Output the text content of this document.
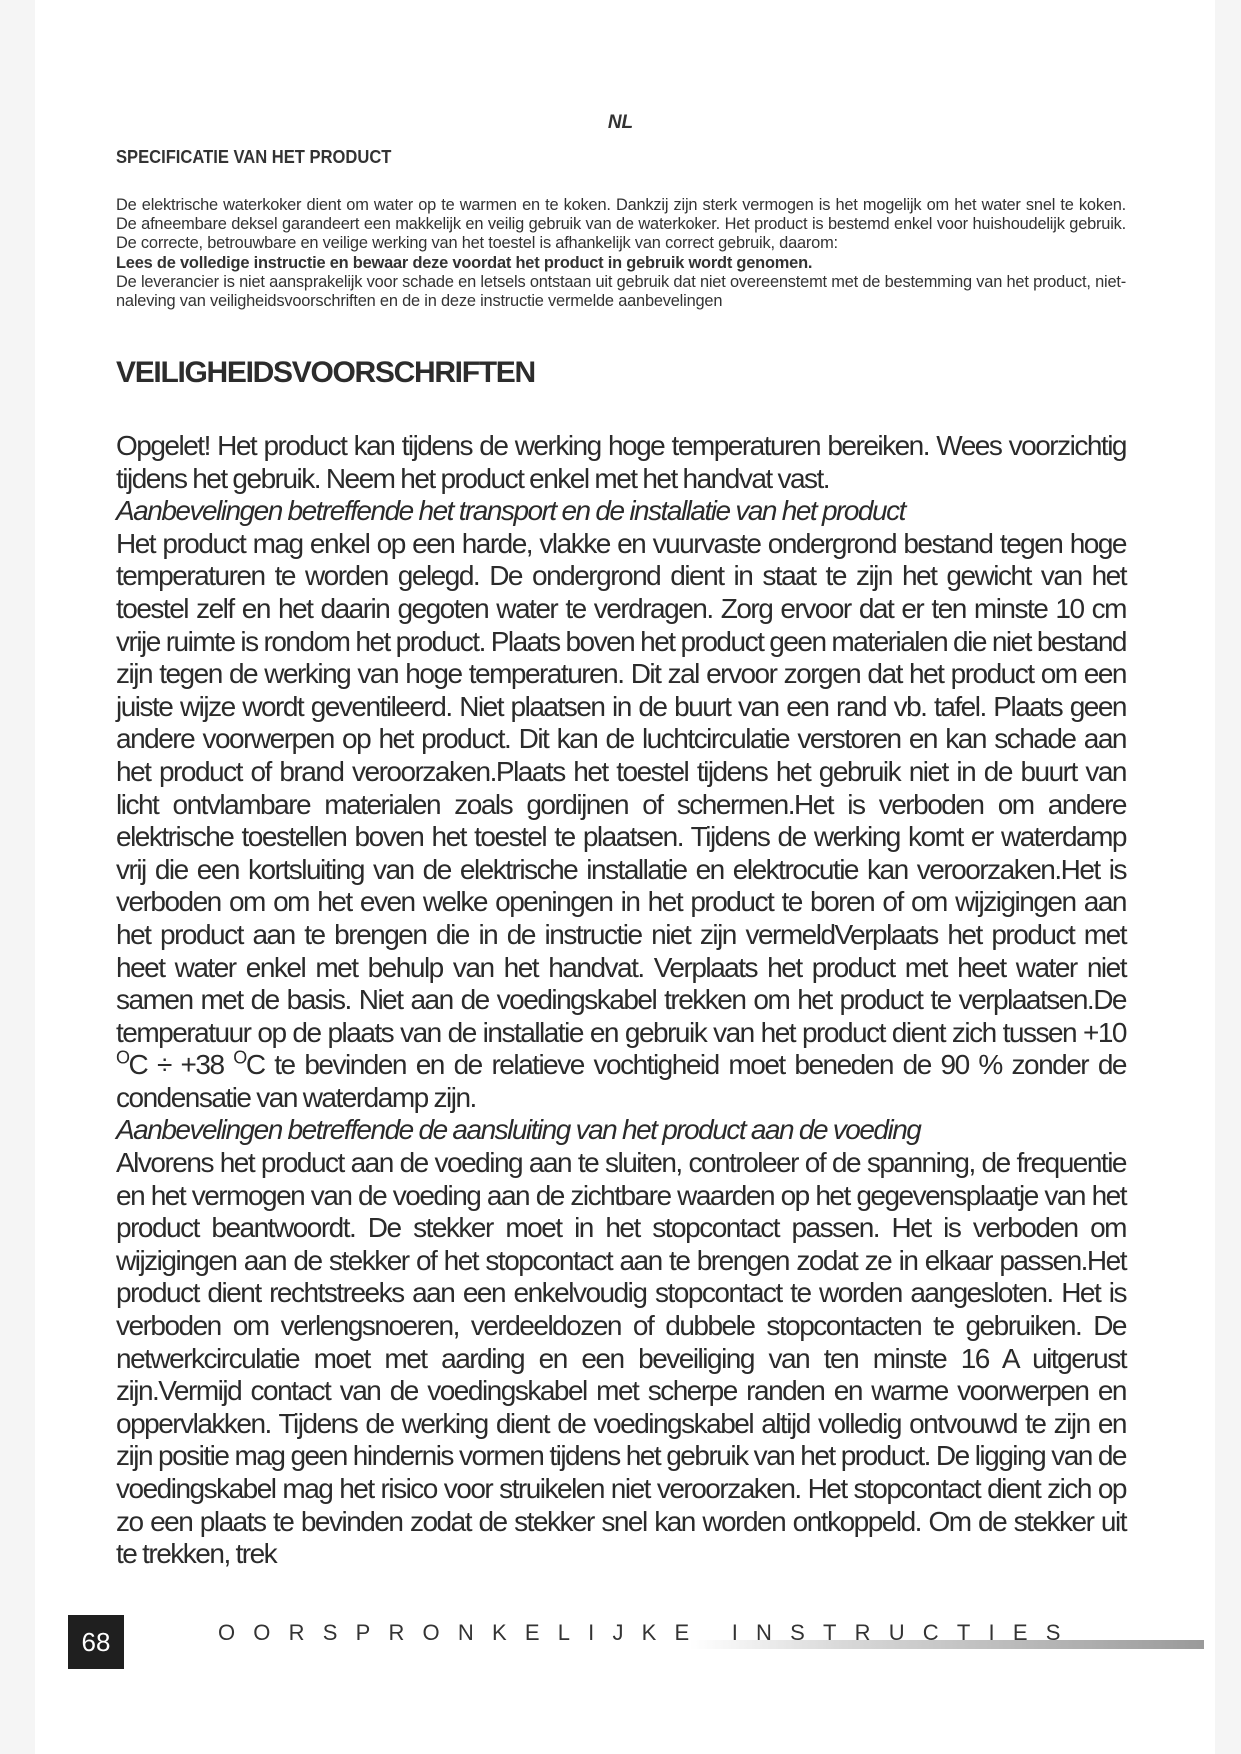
NL
SPECIFICATIE VAN HET PRODUCT

De elektrische waterkoker dient om water op te warmen en te koken. Dankzij zijn sterk vermogen is het mogelijk om het water snel te koken. De afneembare deksel garandeert een makkelijk en veilig gebruik van de waterkoker. Het product is bestemd enkel voor huishoudelijk gebruik. De correcte, betrouwbare en veilige werking van het toestel is afhankelijk van correct gebruik, daarom:

Lees de volledige instructie en bewaar deze voordat het product in gebruik wordt genomen.

De leverancier is niet aansprakelijk voor schade en letsels ontstaan uit gebruik dat niet overeenstemt met de bestemming van het product, niet-naleving van veiligheidsvoorschriften en de in deze instructie vermelde aanbevelingen

VEILIGHEIDSVOORSCHRIFTEN

Opgelet! Het product kan tijdens de werking hoge temperaturen bereiken. Wees voorzichtig tijdens het gebruik. Neem het product enkel met het handvat vast.

Aanbevelingen betreffende het transport en de installatie van het product

Het product mag enkel op een harde, vlakke en vuurvaste ondergrond bestand tegen hoge temperaturen te worden gelegd. De ondergrond dient in staat te zijn het gewicht van het toestel zelf en het daarin gegoten water te verdragen. Zorg ervoor dat er ten minste 10 cm vrije ruimte is rondom het product. Plaats boven het product geen materialen die niet bestand zijn tegen de werking van hoge temperaturen. Dit zal ervoor zorgen dat het product om een juiste wijze wordt geventileerd. Niet plaatsen in de buurt van een rand vb. tafel. Plaats geen andere voorwerpen op het product. Dit kan de luchtcirculatie verstoren en kan schade aan het product of brand veroorzaken.Plaats het toestel tijdens het gebruik niet in de buurt van licht ontvlambare materialen zoals gordijnen of schermen.Het is verboden om andere elektrische toestellen boven het toestel te plaatsen. Tijdens de werking komt er waterdamp vrij die een kortsluiting van de elektrische installatie en elektrocutie kan veroorzaken.Het is verboden om om het even welke openingen in het product te boren of om wijzigingen aan het product aan te brengen die in de instructie niet zijn vermeldVerplaats het product met heet water enkel met behulp van het handvat. Verplaats het product met heet water niet samen met de basis. Niet aan de voedingskabel trekken om het product te verplaatsen.De temperatuur op de plaats van de installatie en gebruik van het product dient zich tussen +10 $^O$C ÷ +38 $^O$C te bevinden en de relatieve vochtigheid moet beneden de 90 % zonder de condensatie van waterdamp zijn.

Aanbevelingen betreffende de aansluiting van het product aan de voeding

Alvorens het product aan de voeding aan te sluiten, controleer of de spanning, de frequentie en het vermogen van de voeding aan de zichtbare waarden op het gegevensplaatje van het product beantwoordt. De stekker moet in het stopcontact passen. Het is verboden om wijzigingen aan de stekker of het stopcontact aan te brengen zodat ze in elkaar passen.Het product dient rechtstreeks aan een enkelvoudig stopcontact te worden aangesloten. Het is verboden om verlengsnoeren, verdeeldozen of dubbele stopcontacten te gebruiken. De netwerkcirculatie moet met aarding en een beveiliging van ten minste 16 A uitgerust zijn.Vermijd contact van de voedingskabel met scherpe randen en warme voorwerpen en oppervlakken. Tijdens de werking dient de voedingskabel altijd volledig ontvouwd te zijn en zijn positie mag geen hindernis vormen tijdens het gebruik van het product. De ligging van de voedingskabel mag het risico voor struikelen niet veroorzaken. Het stopcontact dient zich op zo een plaats te bevinden zodat de stekker snel kan worden ontkoppeld. Om de stekker uit te trekken, trek

68	OORSPRONKELIJKE INSTRUCTIES
